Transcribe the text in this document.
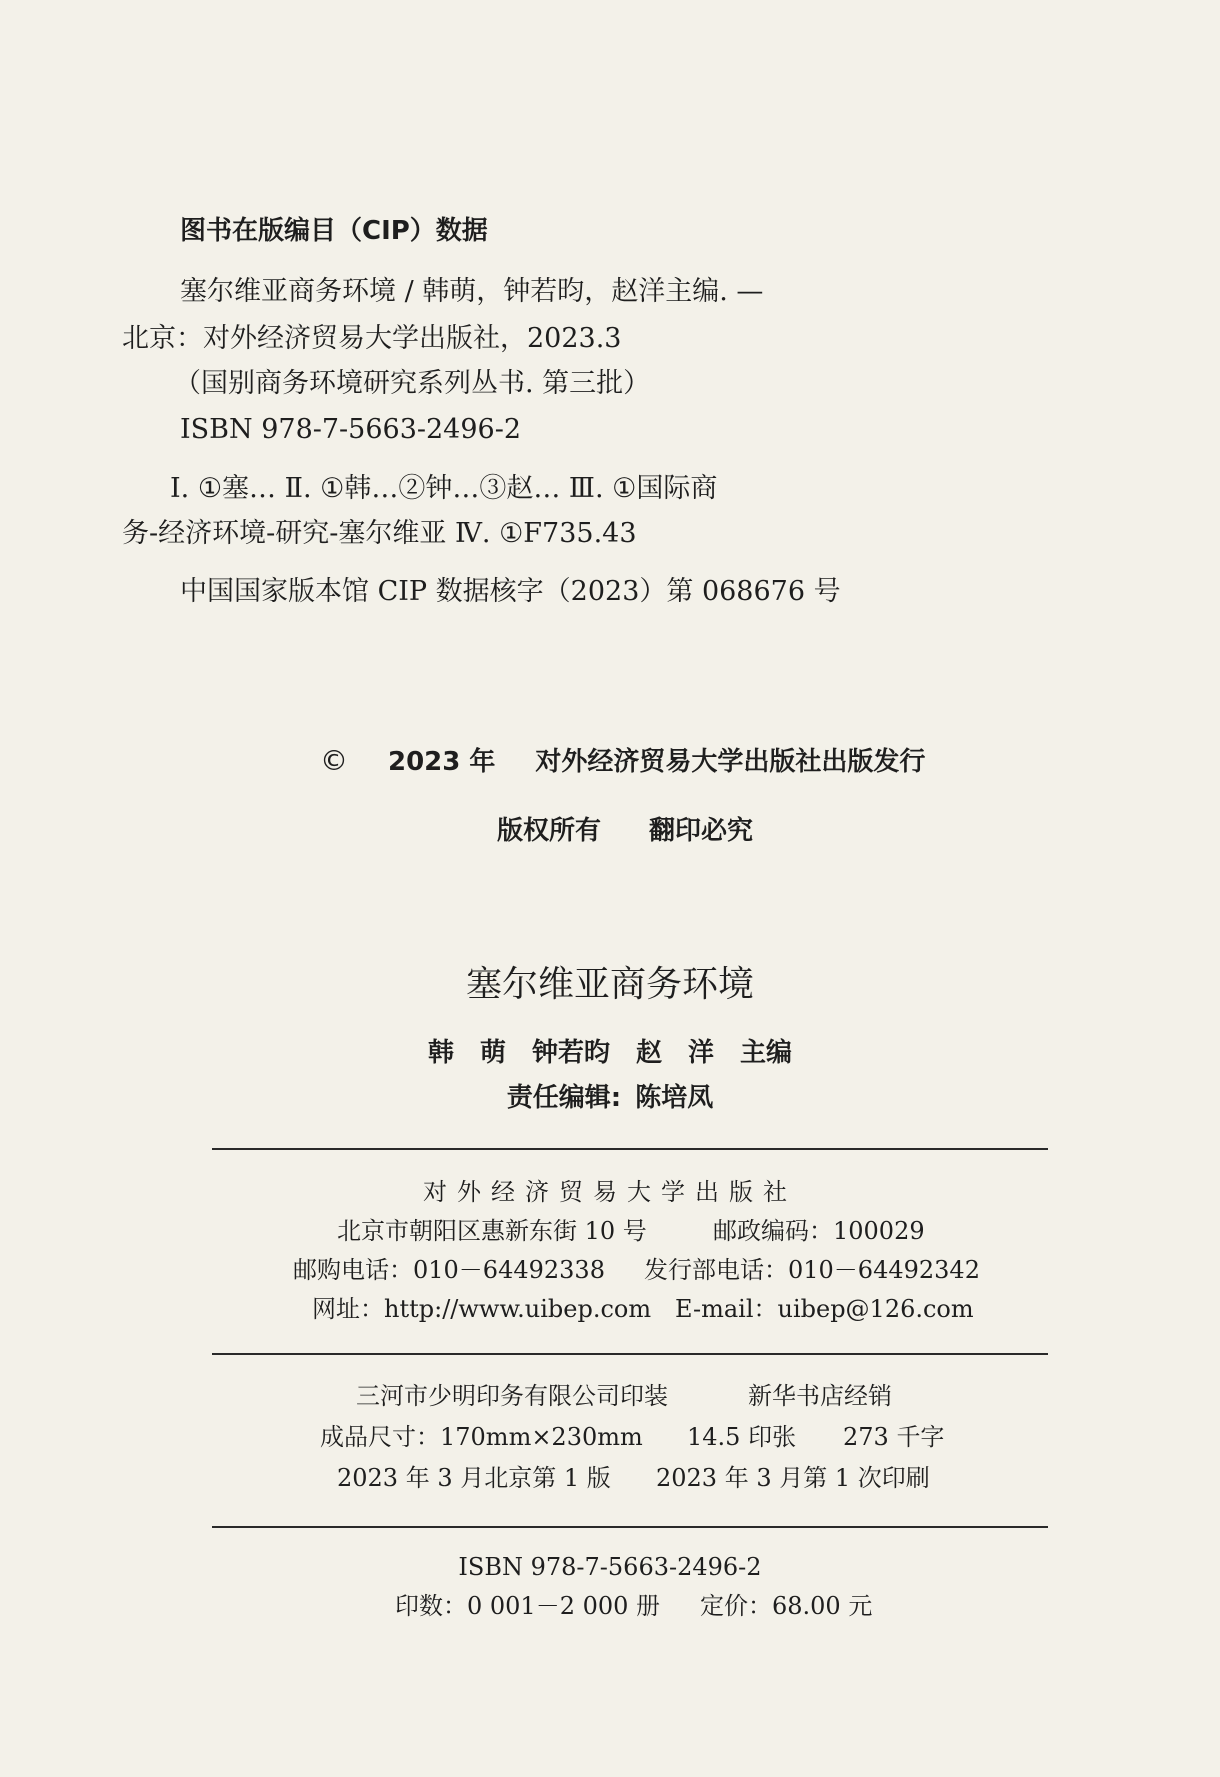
图书在版编目（CIP）数据
塞尔维亚商务环境 / 韩萌，钟若昀，赵洋主编. —
北京：对外经济贸易大学出版社，2023.3
（国别商务环境研究系列丛书. 第三批）
ISBN 978-7-5663-2496-2
Ⅰ. ①塞… Ⅱ. ①韩…②钟…③赵… Ⅲ. ①国际商
务-经济环境-研究-塞尔维亚 Ⅳ. ①F735.43
中国国家版本馆 CIP 数据核字（2023）第 068676 号
© 2023 年 对外经济贸易大学出版社出版发行
版权所有 翻印必究
塞尔维亚商务环境
韩　萌　钟若昀　赵　洋　主编
责任编辑: 陈培凤
对外经济贸易大学出版社
北京市朝阳区惠新东街 10 号	邮政编码：100029
邮购电话：010－64492338 发行部电话：010－64492342
网址：http://www.uibep.com E-mail：uibep@126.com
三河市少明印务有限公司印装	新华书店经销
成品尺寸：170mm×230mm 14.5 印张 273 千字
2023 年 3 月北京第 1 版 2023 年 3 月第 1 次印刷
ISBN 978-7-5663-2496-2
印数：0 001－2 000 册 定价：68.00 元
